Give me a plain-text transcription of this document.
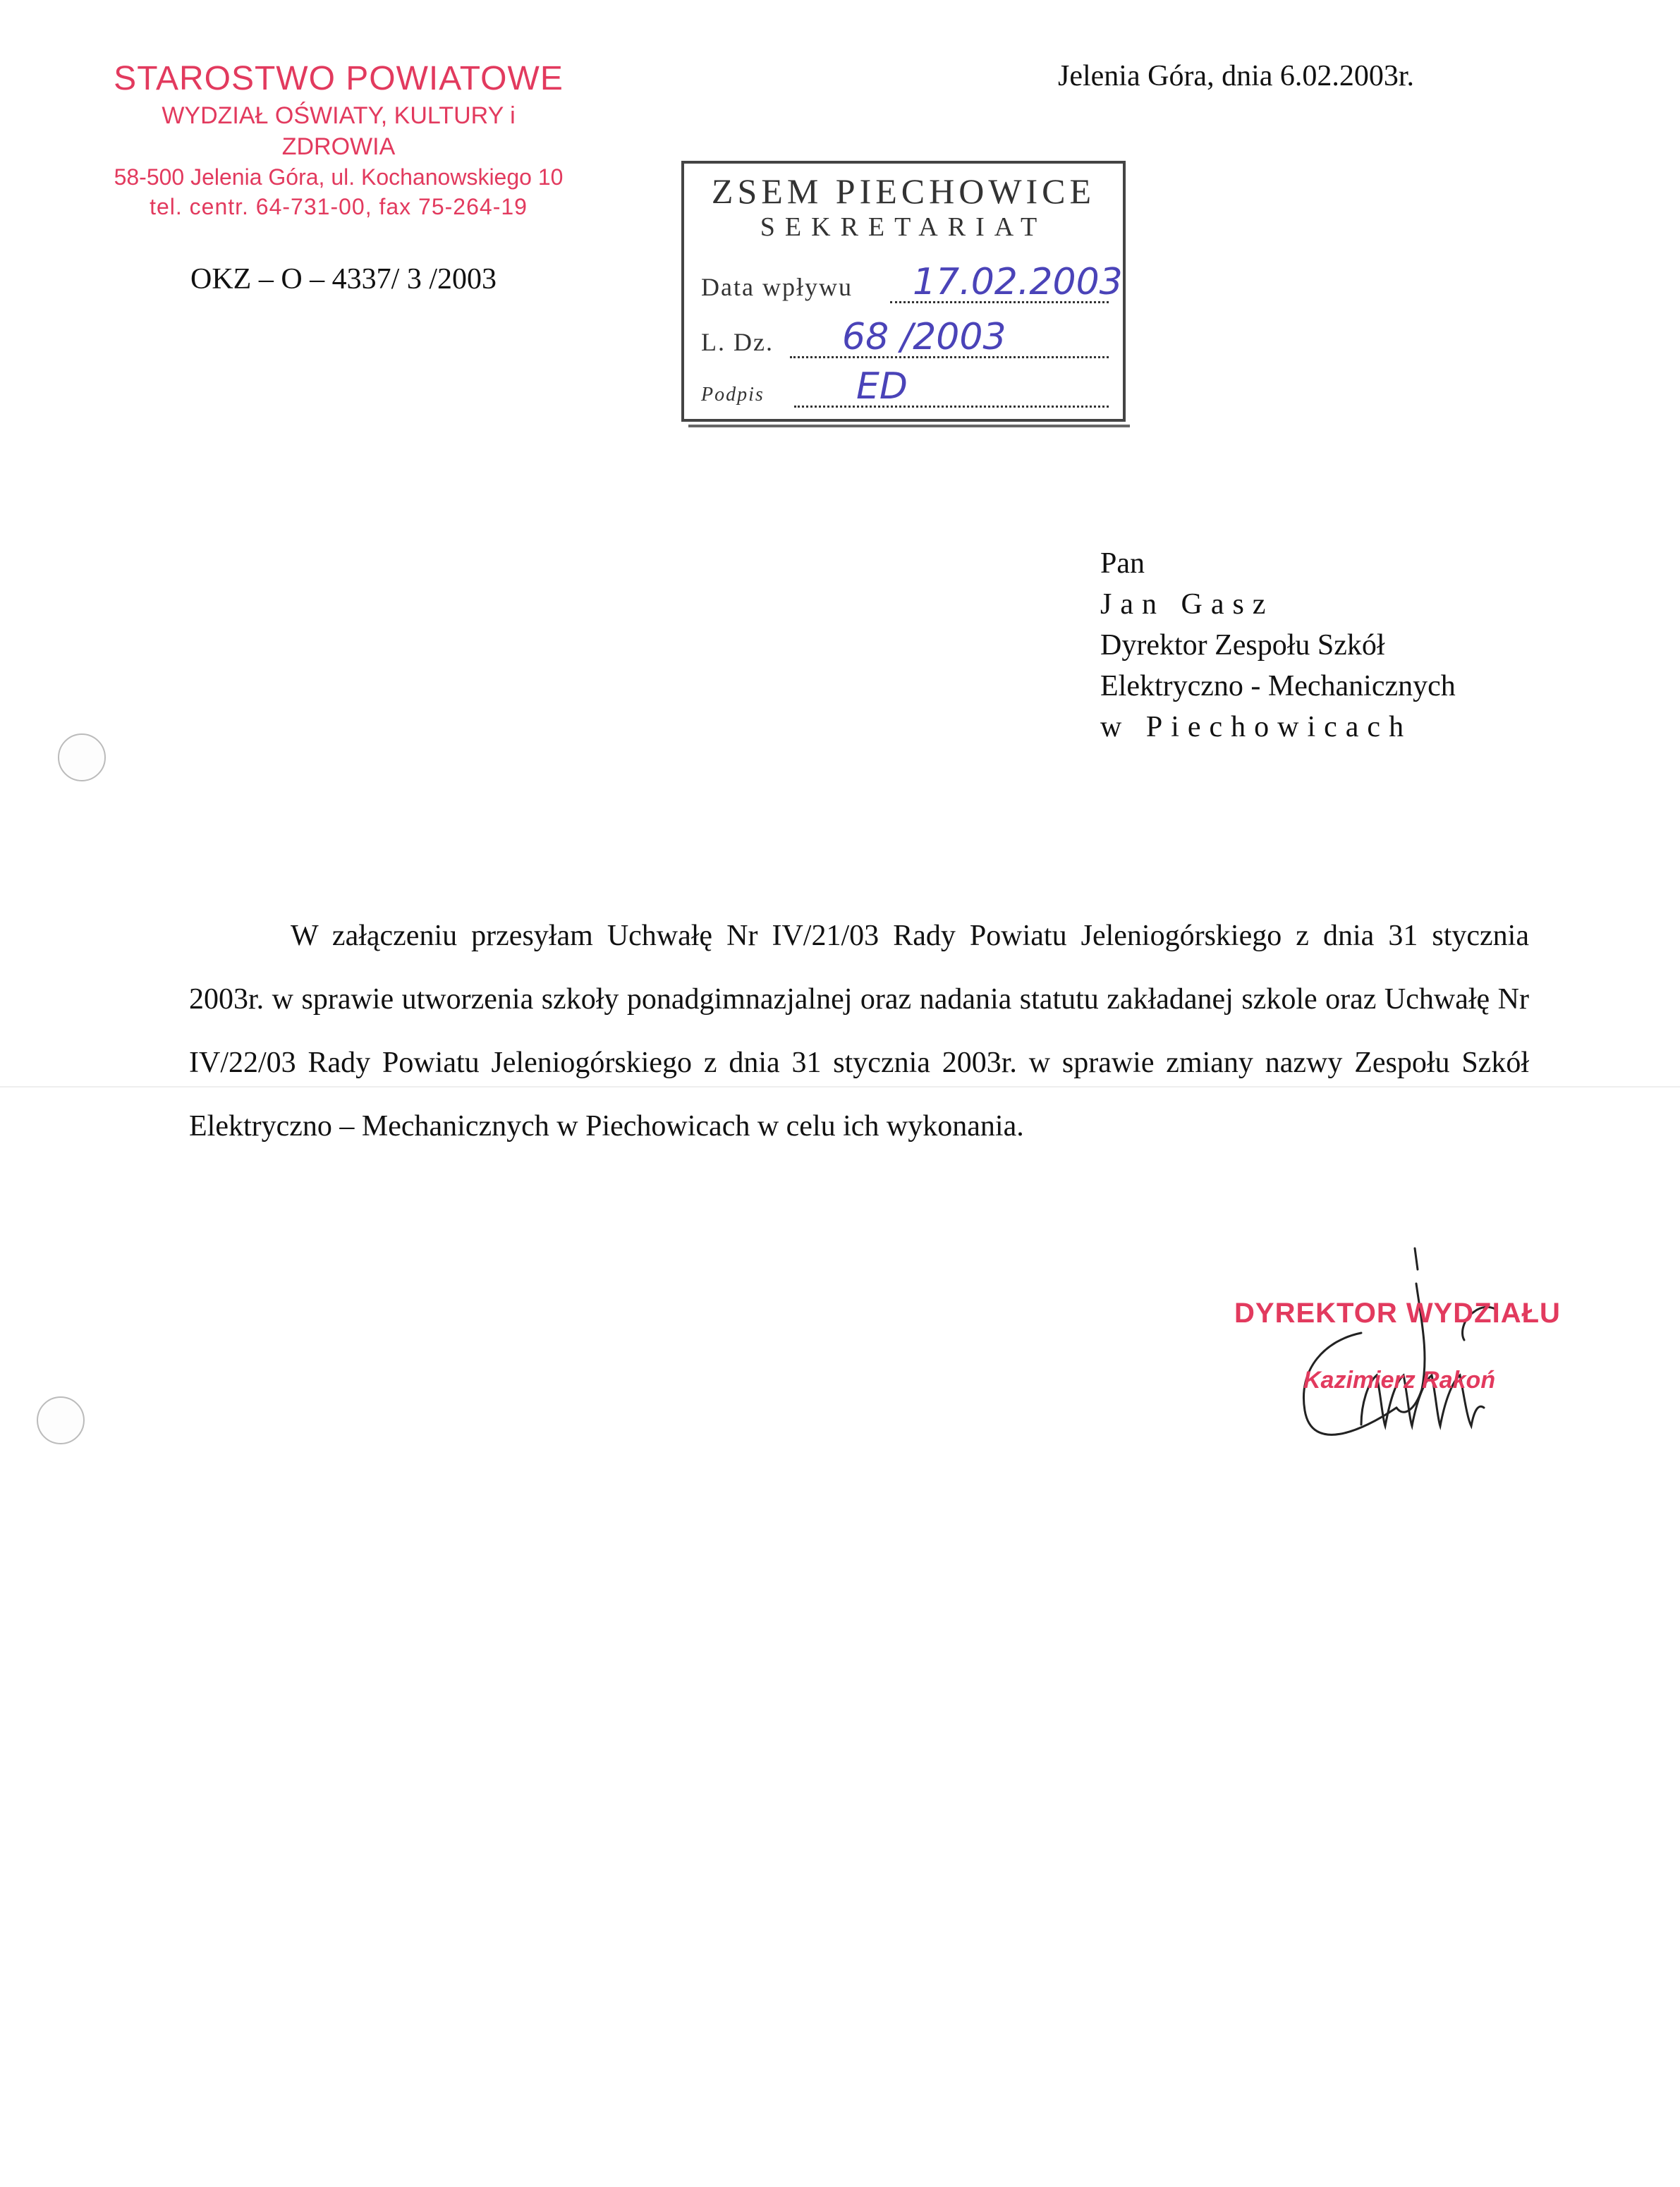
STAROSTWO POWIATOWE
WYDZIAŁ OŚWIATY, KULTURY i ZDROWIA
58-500 Jelenia Góra, ul. Kochanowskiego 10
tel. centr. 64-731-00, fax 75-264-19
Jelenia Góra, dnia 6.02.2003r.
OKZ – O – 4337/ 3 /2003
ZSEM PIECHOWICE
SEKRETARIAT
Data wpływu 17.02.2003
L. Dz. 68 /2003
Podpis	ED
Pan
Jan Gasz
Dyrektor Zespołu Szkół
Elektryczno - Mechanicznych
w Piechowicach
W załączeniu przesyłam Uchwałę Nr IV/21/03 Rady Powiatu Jeleniogórskiego z dnia 31 stycznia 2003r. w sprawie utworzenia szkoły ponadgimnazjalnej oraz nadania statutu zakładanej szkole oraz Uchwałę Nr IV/22/03 Rady Powiatu Jeleniogórskiego z dnia 31 stycznia 2003r. w sprawie zmiany nazwy Zespołu Szkół Elektryczno – Mechanicznych w Piechowicach w celu ich wykonania.
DYREKTOR WYDZIAŁU
Kazimierz Rakoń
